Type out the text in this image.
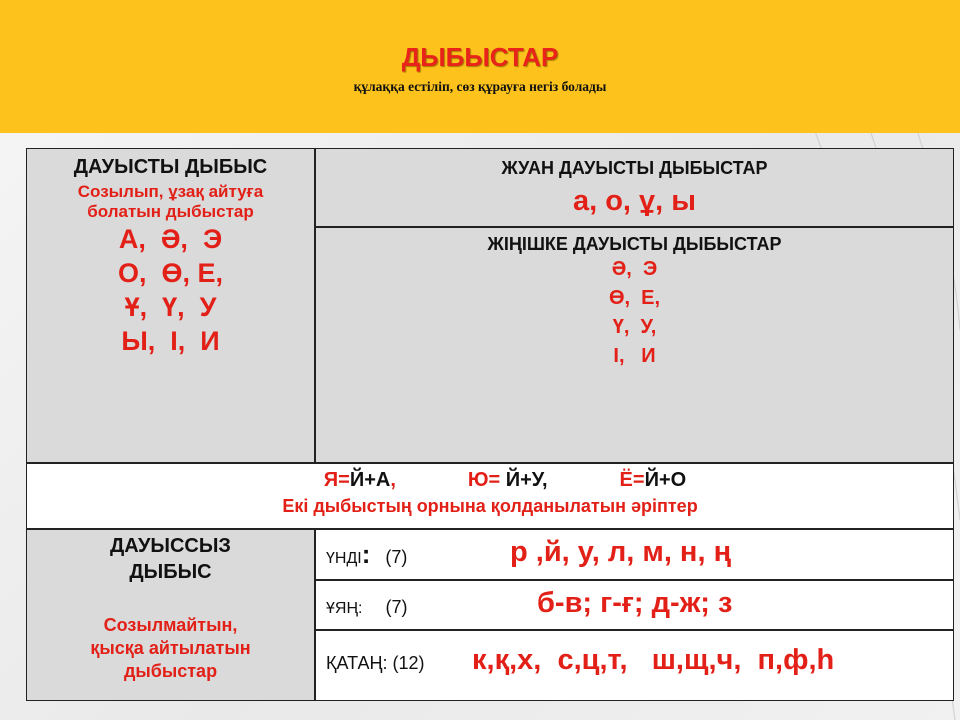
ДЫБЫСТАР
құлаққа естіліп, сөз құрауға негіз болады
ДАУЫСТЫ ДЫБЫС
Созылып, ұзақ айтуға
болатын дыбыстар
А,  Ә,  Э
О,  Ө, Е,
Ұ,  Ү,  У
Ы,  І,  И
ЖУАН ДАУЫСТЫ ДЫБЫСТАР
а, о, ұ, ы
ЖІҢІШКЕ ДАУЫСТЫ ДЫБЫСТАР
Ә,  Э
Ө,  Е,
Ү,  У,
І,   И
Я=Й+А,	Ю= Й+У,	Ё=Й+О
Екі дыбыстың орнына қолданылатын әріптер
ДАУЫССЫЗ
ДЫБЫС
Созылмайтын,
қысқа айтылатын
дыбыстар
ҮНДІ: (7)	р ,й, у, л, м, н, ң
ҰЯҢ: (7)	б-в; г-ғ; д-ж; з
ҚАТАҢ: (12) к,қ,х,  с,ц,т,   ш,щ,ч,  п,ф,һ
